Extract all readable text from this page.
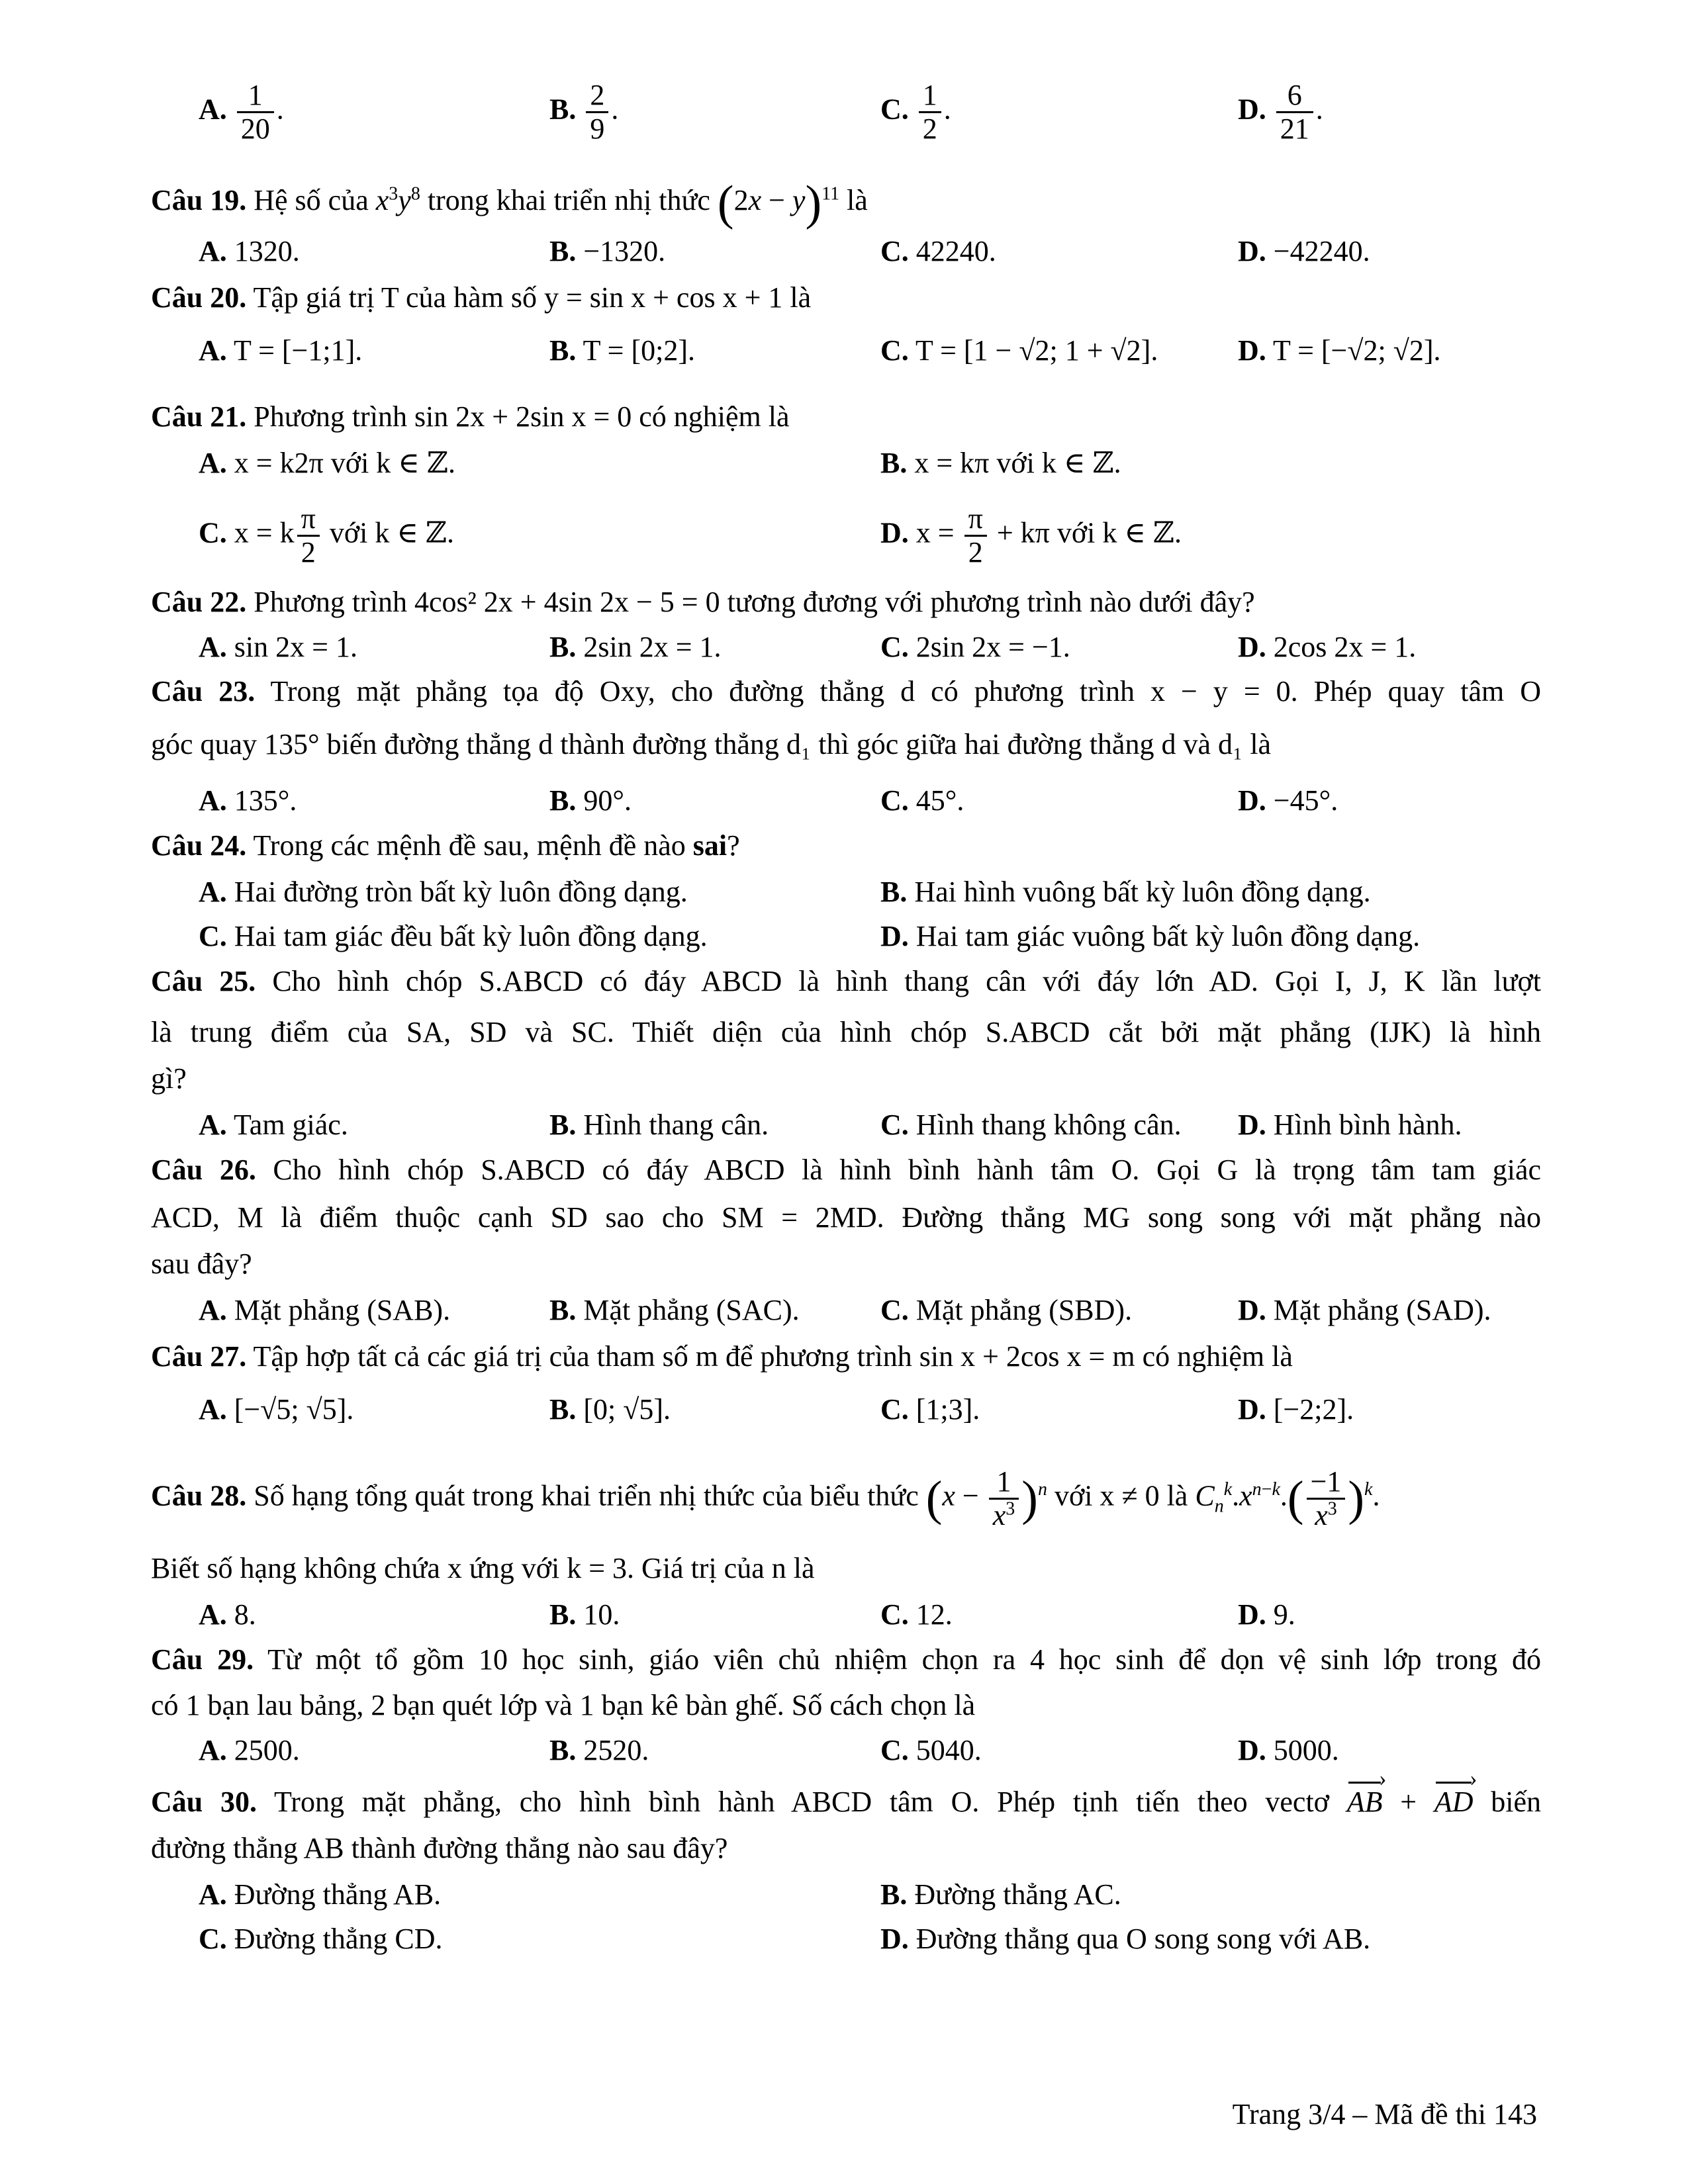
A. $\frac{1}{20}$ .	B. $\frac{2}{9}$ .	C. $\frac{1}{2}$ .	D. $\frac{6}{21}$ .
Câu 19. Hệ số của $x^3y^8$ trong khai triển nhị thức $(2x - y)^{11}$ là
A. 1320.	B. −1320.	C. 42240.	D. −42240.
Câu 20. Tập giá trị T của hàm số y = sin x + cos x + 1 là
A. T = [−1;1].	B. T = [0;2].	C. T = [1 − √2; 1 + √2].	D. T = [−√2; √2].
Câu 21. Phương trình sin 2x + 2sin x = 0 có nghiệm là
A. x = k2π với k ∈ ℤ.	B. x = kπ với k ∈ ℤ.
C. x = k $\frac{\pi}{2}$ với k ∈ ℤ.	D. $x = \frac{\pi}{2} + k\pi$ với k ∈ ℤ.
Câu 22. Phương trình 4cos² 2x + 4sin 2x − 5 = 0 tương đương với phương trình nào dưới đây?
A. sin 2x = 1.	B. 2sin 2x = 1.	C. 2sin 2x = −1.	D. 2cos 2x = 1.
Câu 23. Trong mặt phẳng tọa độ Oxy, cho đường thẳng d có phương trình x − y = 0. Phép quay tâm O
góc quay 135° biến đường thẳng d thành đường thẳng d₁ thì góc giữa hai đường thẳng d và d₁ là
A. 135°.	B. 90°.	C. 45°.	D. −45°.
Câu 24. Trong các mệnh đề sau, mệnh đề nào sai?
A. Hai đường tròn bất kỳ luôn đồng dạng.	B. Hai hình vuông bất kỳ luôn đồng dạng.
C. Hai tam giác đều bất kỳ luôn đồng dạng.	D. Hai tam giác vuông bất kỳ luôn đồng dạng.
Câu 25. Cho hình chóp S.ABCD có đáy ABCD là hình thang cân với đáy lớn AD. Gọi I, J, K lần lượt
là trung điểm của SA, SD và SC. Thiết diện của hình chóp S.ABCD cắt bởi mặt phẳng (IJK) là hình
gì?
A. Tam giác.	B. Hình thang cân.	C. Hình thang không cân. D. Hình bình hành.
Câu 26. Cho hình chóp S.ABCD có đáy ABCD là hình bình hành tâm O. Gọi G là trọng tâm tam giác
ACD, M là điểm thuộc cạnh SD sao cho SM = 2MD. Đường thẳng MG song song với mặt phẳng nào
sau đây?
A. Mặt phẳng (SAB).	B. Mặt phẳng (SAC).	C. Mặt phẳng (SBD).	D. Mặt phẳng (SAD).
Câu 27. Tập hợp tất cả các giá trị của tham số m để phương trình sin x + 2cos x = m có nghiệm là
A. [−√5; √5].	B. [0; √5].	C. [1;3].	D. [−2;2].
Câu 28. Số hạng tổng quát trong khai triển nhị thức của biểu thức $(x - \frac{1}{x^3} )^n$ với x ≠ 0 là $C_n^k.x^{n-k}.( \frac{-1}{x^3} )^k$.
Biết số hạng không chứa x ứng với k = 3. Giá trị của n là
A. 8.	B. 10.	C. 12.	D. 9.
Câu 29. Từ một tổ gồm 10 học sinh, giáo viên chủ nhiệm chọn ra 4 học sinh để dọn vệ sinh lớp trong đó
có 1 bạn lau bảng, 2 bạn quét lớp và 1 bạn kê bàn ghế. Số cách chọn là
A. 2500.	B. 2520.	C. 5040.	D. 5000.
Câu 30. Trong mặt phẳng, cho hình bình hành ABCD tâm O. Phép tịnh tiến theo vectơ AB › + AD › biến
đường thẳng AB thành đường thẳng nào sau đây?
A. Đường thẳng AB.	B. Đường thẳng AC.
C. Đường thẳng CD.	D. Đường thẳng qua O song song với AB.
Trang 3/4 – Mã đề thi 143
